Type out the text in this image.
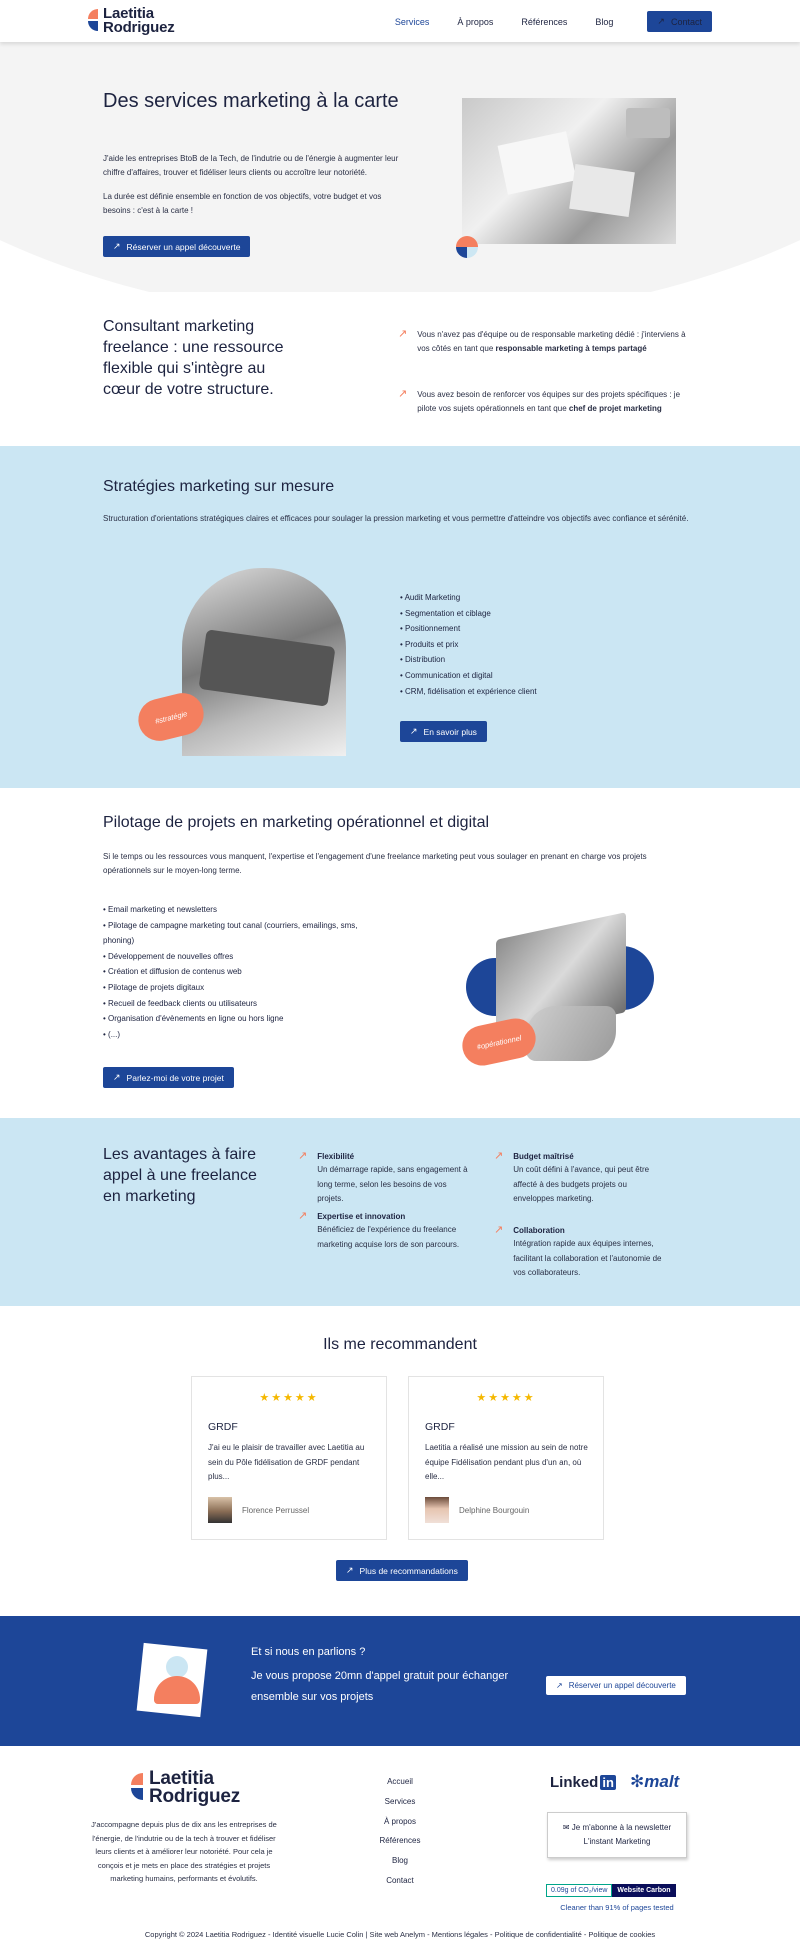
Laetitia
Rodriguez	Services	À propos	Références	Blog	↗ Contact
Des services marketing à la carte

J'aide les entreprises BtoB de la Tech, de l'indutrie ou de l'énergie à augmenter leur chiffre d'affaires, trouver et fidéliser leurs clients ou accroître leur notoriété.

La durée est définie ensemble en fonction de vos objectifs, votre budget et vos besoins : c'est à la carte !

↗ Réserver un appel découverte
Consultant marketing freelance : une ressource flexible qui s'intègre au cœur de votre structure.
↗ Vous n'avez pas d'équipe ou de responsable marketing dédié : j'interviens à vos côtés en tant que responsable marketing à temps partagé

↗ Vous avez besoin de renforcer vos équipes sur des projets spécifiques : je pilote vos sujets opérationnels en tant que chef de projet marketing

Stratégies marketing sur mesure

Structuration d'orientations stratégiques claires et efficaces pour soulager la pression marketing et vous permettre d'atteindre vos objectifs avec confiance et sérénité.

#stratégie
• Audit Marketing
• Segmentation et ciblage
• Positionnement
• Produits et prix
• Distribution
• Communication et digital
• CRM, fidélisation et expérience client
↗ En savoir plus
Pilotage de projets en marketing opérationnel et digital

Si le temps ou les ressources vous manquent, l'expertise et l'engagement d'une freelance marketing peut vous soulager en prenant en charge vos projets opérationnels sur le moyen-long terme.

• Email marketing et newsletters
• Pilotage de campagne marketing tout canal (courriers, emailings, sms, phoning)
• Développement de nouvelles offres
• Création et diffusion de contenus web
• Pilotage de projets digitaux
• Recueil de feedback clients ou utilisateurs
• Organisation d'évènements en ligne ou hors ligne
• (...)
↗ Parlez-moi de votre projet
#opérationnel
Les avantages à faire appel à une freelance en marketing
↗ Flexibilité

Un démarrage rapide, sans engagement à long terme, selon les besoins de vos projets.

↗ Budget maîtrisé

Un coût défini à l'avance, qui peut être affecté à des budgets projets ou enveloppes marketing.

↗ Expertise et innovation

Bénéficiez de l'expérience du freelance marketing acquise lors de son parcours.

↗ Collaboration

Intégration rapide aux équipes internes, facilitant la collaboration et l'autonomie de vos collaborateurs.

Ils me recommandent
★★★★★
GRDF

J'ai eu le plaisir de travailler avec Laetitia au sein du Pôle fidélisation de GRDF pendant plus...

Florence Perrussel
★★★★★
GRDF

Laetitia a réalisé une mission au sein de notre équipe Fidélisation pendant plus d'un an, où elle...

Delphine Bourgouin
↗ Plus de recommandations
Et si nous en parlions ?

Je vous propose 20mn d'appel gratuit pour échanger ensemble sur vos projets

↗ Réserver un appel découverte
Laetitia
Rodriguez

J'accompagne depuis plus de dix ans les entreprises de l'énergie, de l'indutrie ou de la tech à trouver et fidéliser leurs clients et à améliorer leur notoriété. Pour cela je conçois et je mets en place des stratégies et projets marketing humains, performants et évolutifs.

Accueil
Services
À propos
Références
Blog
Contact
Linked in ✻malt
✉ Je m'abonne à la newsletter
L'instant Marketing
0.09g of CO₂/view	Website Carbon
Cleaner than 91% of pages tested
Copyright © 2024 Laetitia Rodriguez - Identité visuelle Lucie Colin | Site web Anelym - Mentions légales - Politique de confidentialité - Politique de cookies
